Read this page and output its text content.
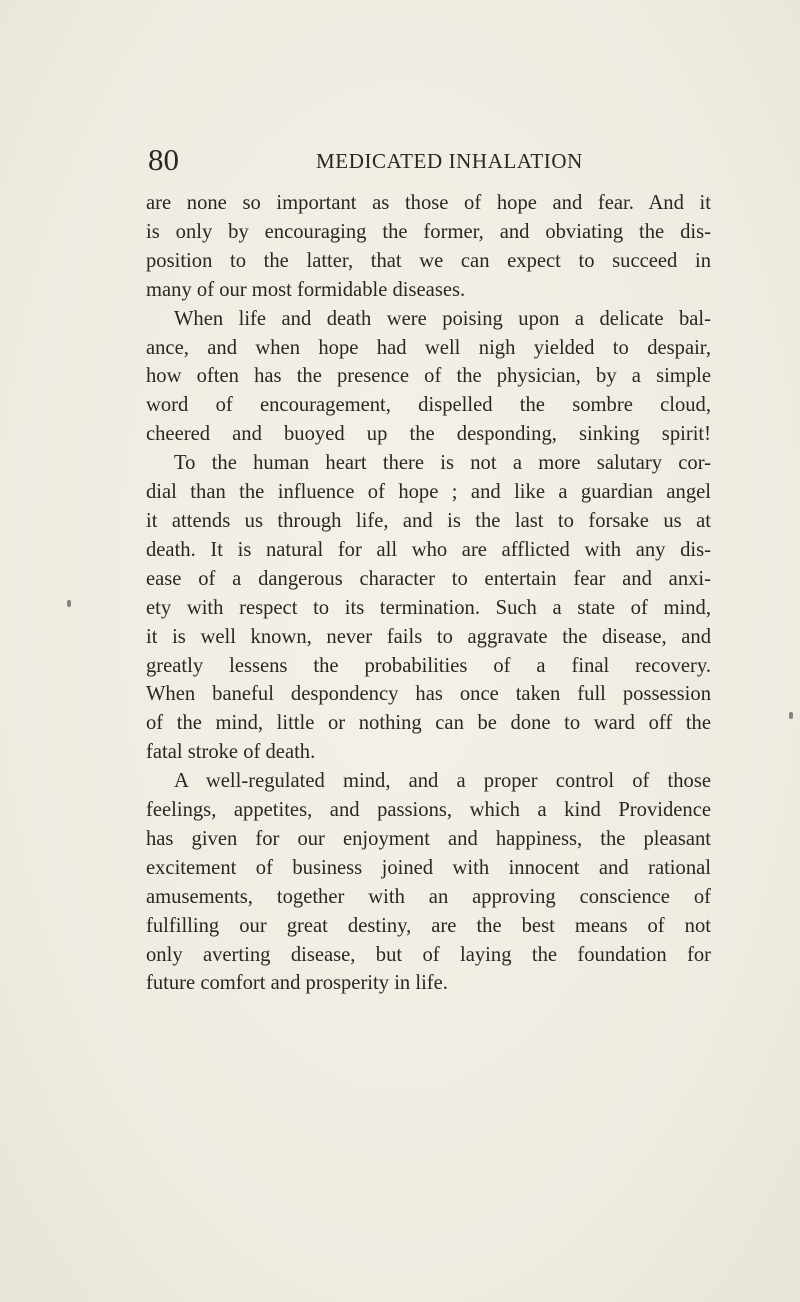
80	MEDICATED INHALATION

are none so important as those of hope and fear. And it

is only by encouraging the former, and obviating the dis-

position to the latter, that we can expect to succeed in

many of our most formidable diseases.

When life and death were poising upon a delicate bal-

ance, and when hope had well nigh yielded to despair,

how often has the presence of the physician, by a simple

word of encouragement, dispelled the sombre cloud,

cheered and buoyed up the desponding, sinking spirit!

To the human heart there is not a more salutary cor-

dial than the influence of hope ; and like a guardian angel

it attends us through life, and is the last to forsake us at

death. It is natural for all who are afflicted with any dis-

ease of a dangerous character to entertain fear and anxi-

ety with respect to its termination. Such a state of mind,

it is well known, never fails to aggravate the disease, and

greatly lessens the probabilities of a final recovery.

When baneful despondency has once taken full possession

of the mind, little or nothing can be done to ward off the

fatal stroke of death.

A well-regulated mind, and a proper control of those

feelings, appetites, and passions, which a kind Providence

has given for our enjoyment and happiness, the pleasant

excitement of business joined with innocent and rational

amusements, together with an approving conscience of

fulfilling our great destiny, are the best means of not

only averting disease, but of laying the foundation for

future comfort and prosperity in life.
